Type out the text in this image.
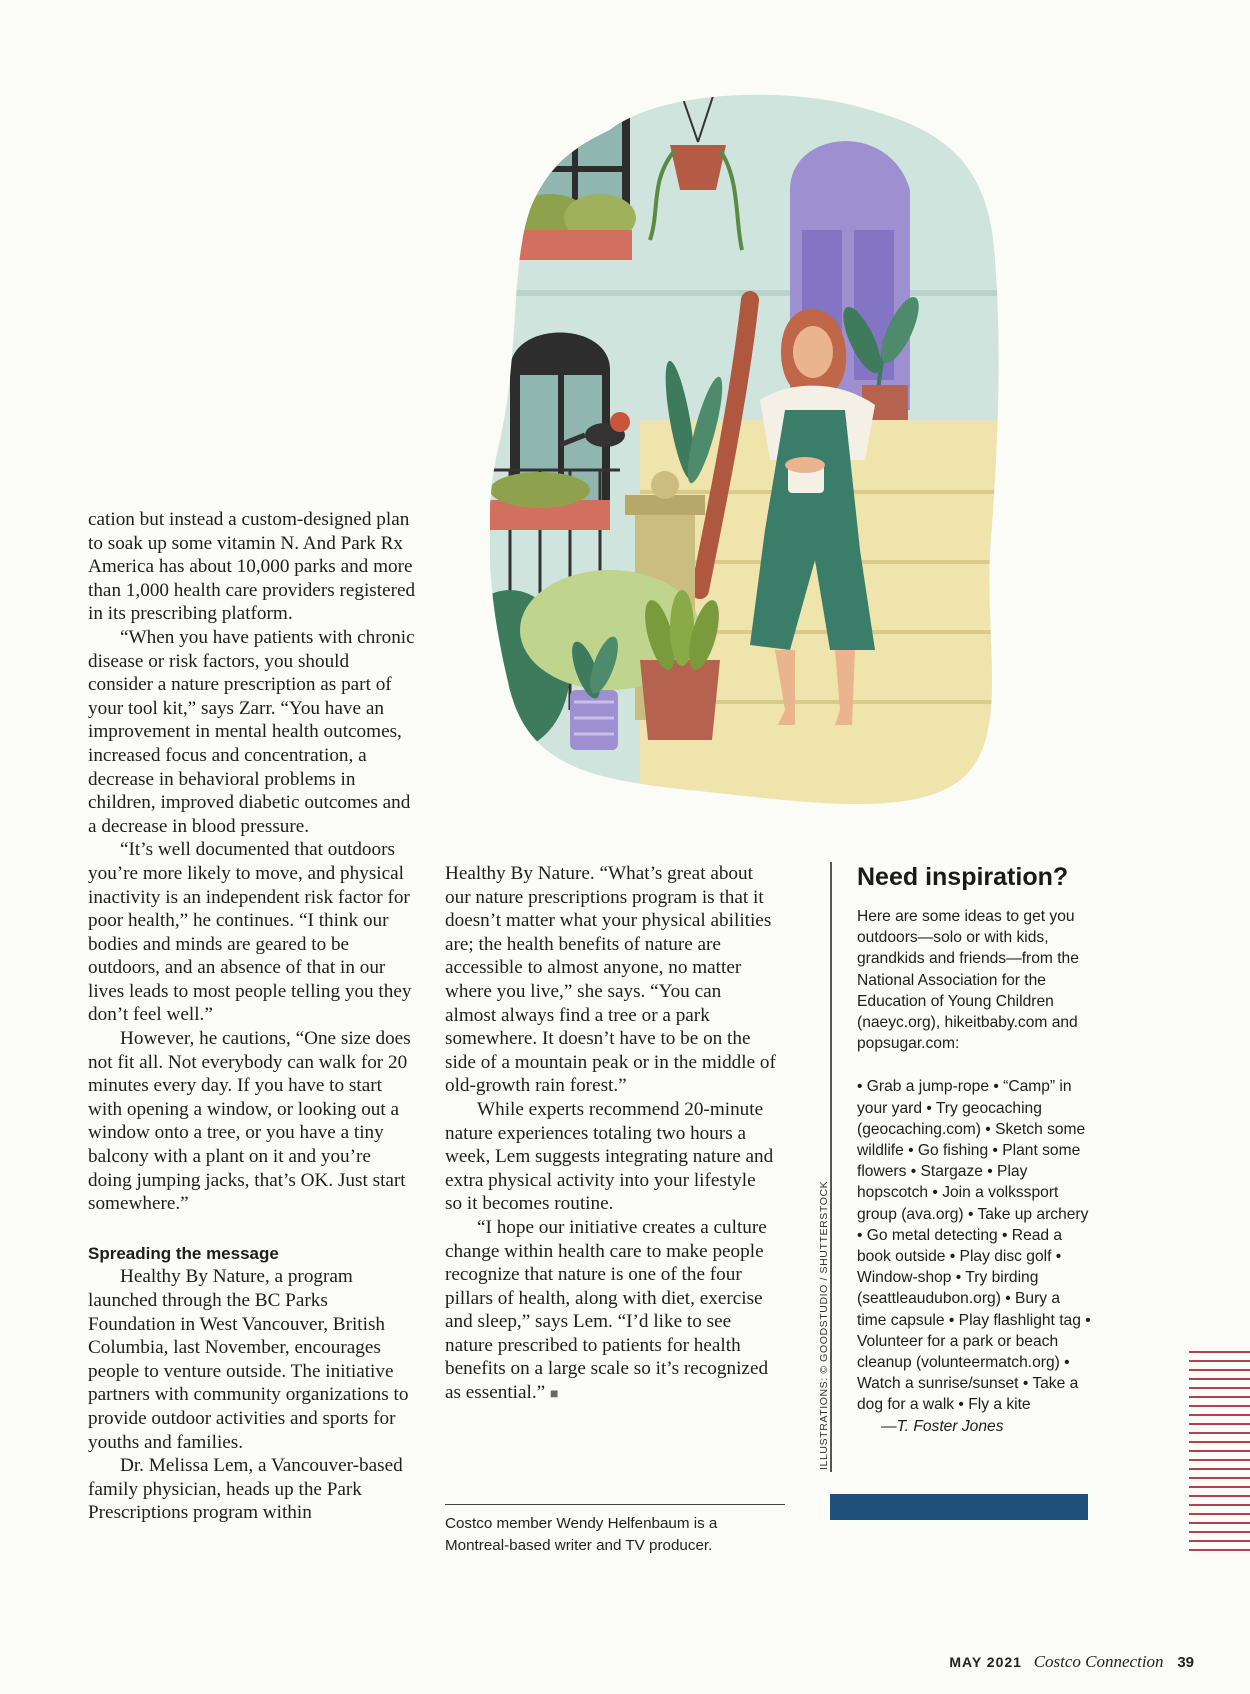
cation but instead a custom-designed plan to soak up some vitamin N. And Park Rx America has about 10,000 parks and more than 1,000 health care providers registered in its prescribing platform.

“When you have patients with chronic disease or risk factors, you should consider a nature prescription as part of your tool kit,” says Zarr. “You have an improvement in mental health outcomes, increased focus and concentration, a decrease in behavioral problems in children, improved diabetic outcomes and a decrease in blood pressure.

“It’s well documented that outdoors you’re more likely to move, and physical inactivity is an independent risk factor for poor health,” he continues. “I think our bodies and minds are geared to be outdoors, and an absence of that in our lives leads to most people telling you they don’t feel well.”

However, he cautions, “One size does not fit all. Not everybody can walk for 20 minutes every day. If you have to start with opening a window, or looking out a window onto a tree, or you have a tiny balcony with a plant on it and you’re doing jumping jacks, that’s OK. Just start somewhere.”

Spreading the message

Healthy By Nature, a program launched through the BC Parks Foundation in West Vancouver, British Columbia, last November, encourages people to venture outside. The initiative partners with community organizations to provide outdoor activities and sports for youths and families.

Dr. Melissa Lem, a Vancouver-based family physician, heads up the Park Prescriptions program within

Healthy By Nature. “What’s great about our nature prescriptions program is that it doesn’t matter what your physical abilities are; the health benefits of nature are accessible to almost anyone, no matter where you live,” she says. “You can almost always find a tree or a park somewhere. It doesn’t have to be on the side of a mountain peak or in the middle of old-growth rain forest.”

While experts recommend 20-minute nature experiences totaling two hours a week, Lem suggests integrating nature and extra physical activity into your lifestyle so it becomes routine.

“I hope our initiative creates a culture change within health care to make people recognize that nature is one of the four pillars of health, along with diet, exercise and sleep,” says Lem. “I’d like to see nature prescribed to patients for health benefits on a large scale so it’s recognized as essential.” ■

Costco member Wendy Helfenbaum is a Montreal-based writer and TV producer.
Need inspiration?

Here are some ideas to get you outdoors—solo or with kids, grandkids and friends—from the National Association for the Education of Young Children (naeyc.org), hikeitbaby.com and popsugar.com:

• Grab a jump-rope • “Camp” in your yard • Try geocaching (geocaching.com) • Sketch some wildlife • Go fishing • Plant some flowers • Stargaze • Play hopscotch • Join a volkssport group (ava.org) • Take up archery • Go metal detecting • Read a book outside • Play disc golf • Window-shop • Try birding (seattleaudubon.org) • Bury a time capsule • Play flashlight tag • Volunteer for a park or beach cleanup (volunteermatch.org) • Watch a sunrise/sunset • Take a dog for a walk • Fly a kite

—T. Foster Jones

ILLUSTRATIONS: © GOODSTUDIO / SHUTTERSTOCK
MAY 2021 Costco Connection 39
